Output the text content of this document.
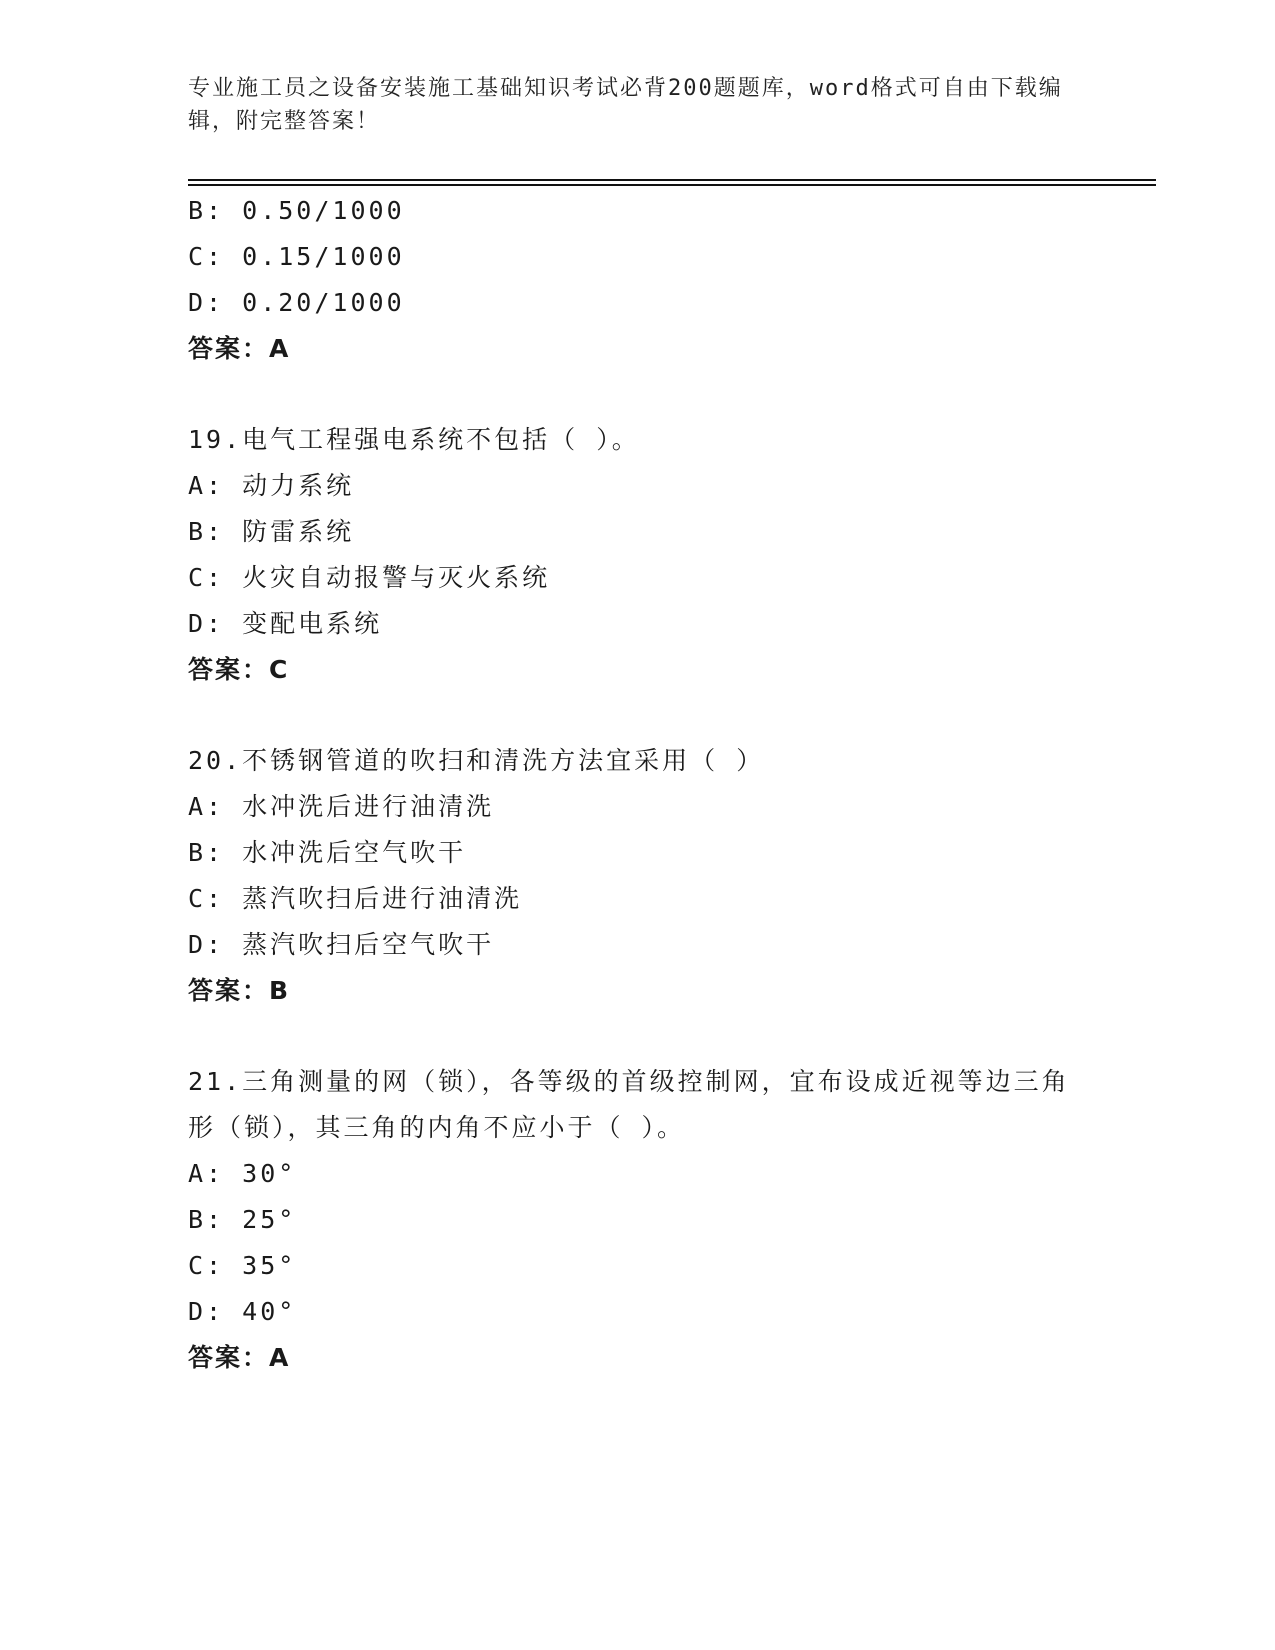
专业施工员之设备安装施工基础知识考试必背200题题库，word格式可自由下载编辑，附完整答案！
B: 0.50/1000
C: 0.15/1000
D: 0.20/1000
答案：A
19.电气工程强电系统不包括（ ）。
A: 动力系统
B: 防雷系统
C: 火灾自动报警与灭火系统
D: 变配电系统
答案：C
20.不锈钢管道的吹扫和清洗方法宜采用（ ）
A: 水冲洗后进行油清洗
B: 水冲洗后空气吹干
C: 蒸汽吹扫后进行油清洗
D: 蒸汽吹扫后空气吹干
答案：B
21.三角测量的网（锁），各等级的首级控制网，宜布设成近视等边三角形（锁），其三角的内角不应小于（ ）。
A: 30°
B: 25°
C: 35°
D: 40°
答案：A
